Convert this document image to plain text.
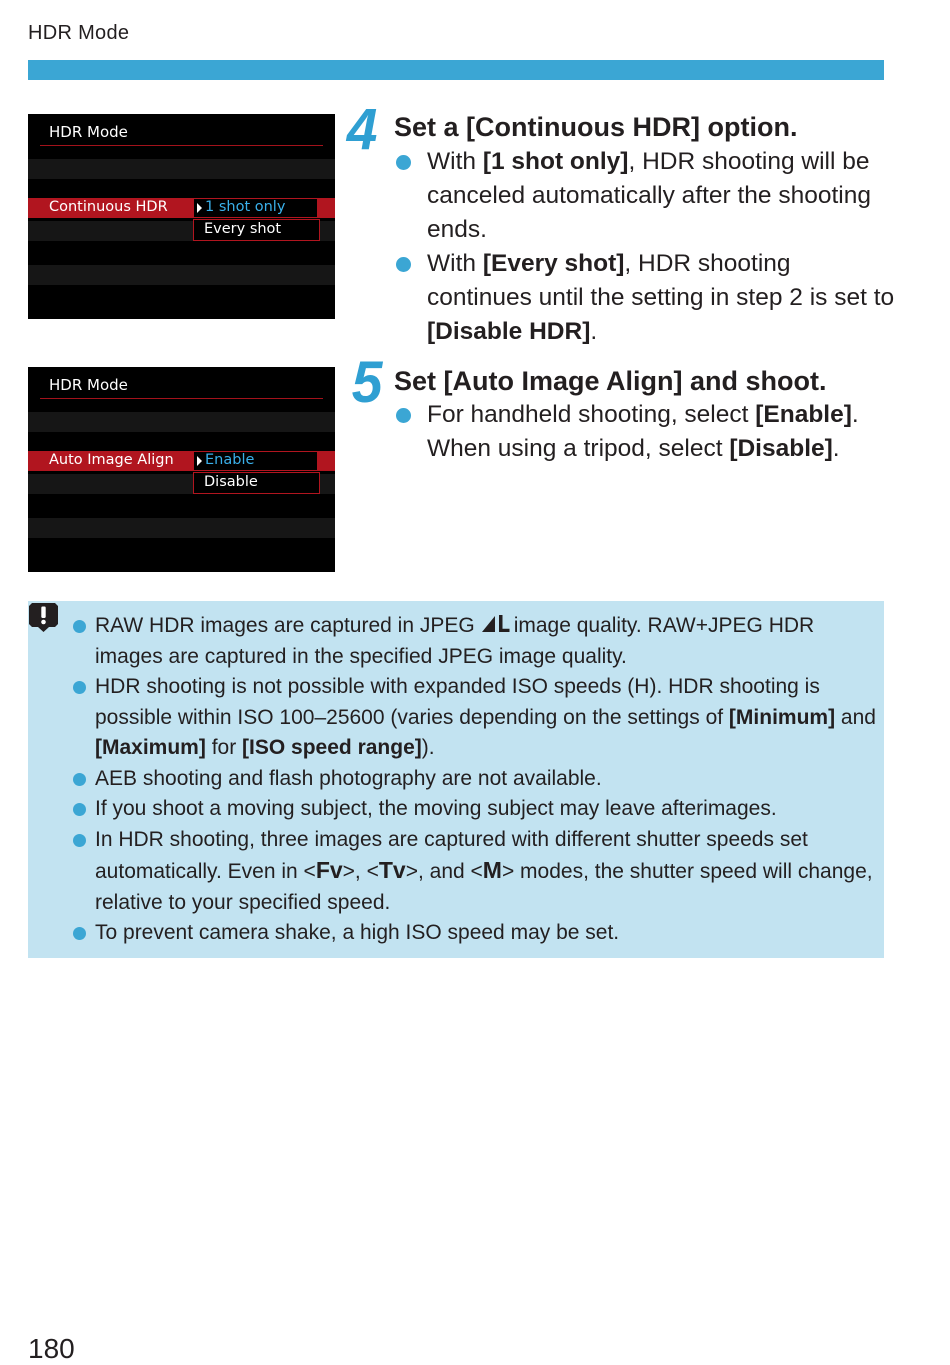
HDR Mode
HDR Mode
Continuous HDR	1 shot only
Every shot
HDR Mode
Auto Image Align Enable
Disable
4 Set a [Continuous HDR] option.
With [1 shot only], HDR shooting will be canceled automatically after the shooting ends.
With [Every shot], HDR shooting continues until the setting in step 2 is set to [Disable HDR].
5 Set [Auto Image Align] and shoot.
For handheld shooting, select [Enable]. When using a tripod, select [Disable].
RAW HDR images are captured in JPEG image quality. RAW+JPEG HDR images are captured in the specified JPEG image quality.
HDR shooting is not possible with expanded ISO speeds (H). HDR shooting is possible within ISO 100–25600 (varies depending on the settings of [Minimum] and [Maximum] for [ISO speed range]).
AEB shooting and flash photography are not available.
If you shoot a moving subject, the moving subject may leave afterimages.
In HDR shooting, three images are captured with different shutter speeds set automatically. Even in <Fv>, <Tv>, and <M> modes, the shutter speed will change, relative to your specified speed.
To prevent camera shake, a high ISO speed may be set.
180
